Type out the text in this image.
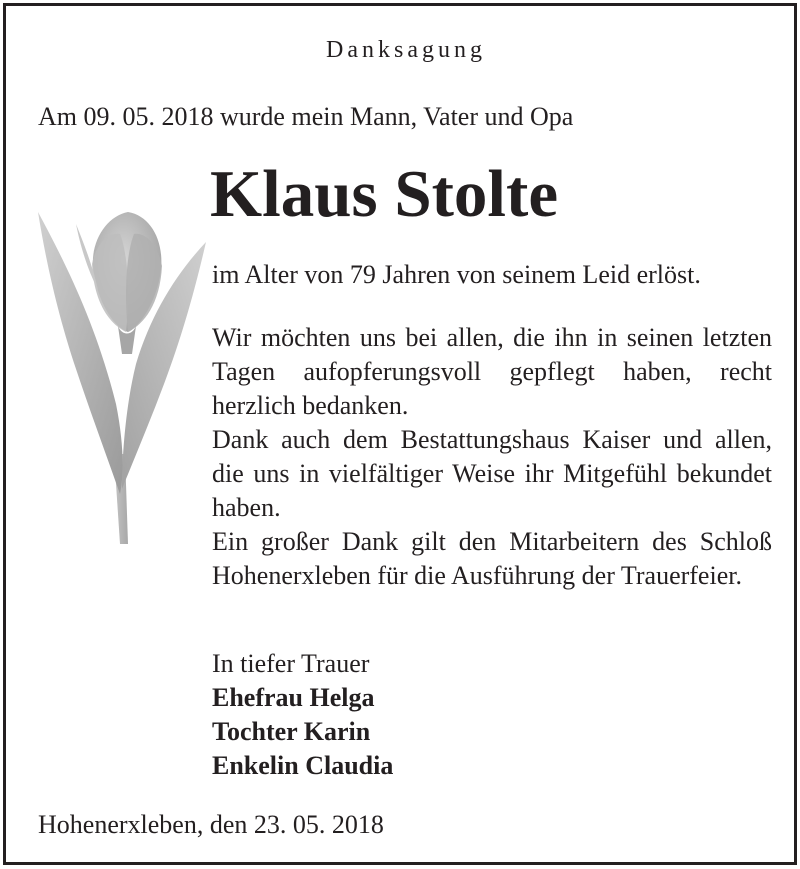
Danksagung

Am 09. 05. 2018 wurde mein Mann, Vater und Opa

Klaus Stolte

im Alter von 79 Jahren von seinem Leid erlöst.

Wir möchten uns bei allen, die ihn in seinen letzten Tagen aufopferungsvoll gepflegt haben, recht herzlich bedanken.

Dank auch dem Bestattungshaus Kaiser und allen, die uns in vielfältiger Weise ihr Mitgefühl bekundet haben.

Ein großer Dank gilt den Mitarbeitern des Schloß Hohenerxleben für die Ausführung der Trauerfeier.

In tiefer Trauer
Ehefrau Helga
Tochter Karin
Enkelin Claudia

Hohenerxleben, den 23. 05. 2018
